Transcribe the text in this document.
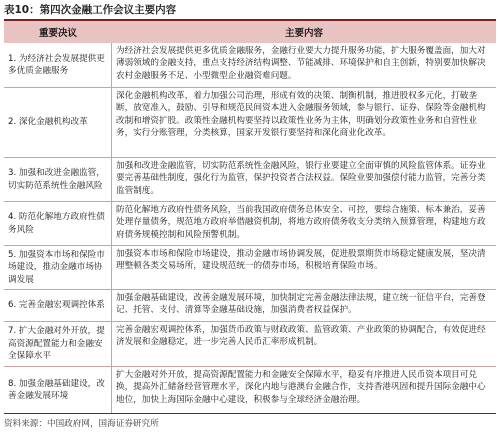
表10：第四次金融工作会议主要内容
重要决议	主要内容
1. 为经济社会发展提供更多优质金融服务
为经济社会发展提供更多优质金融服务，金融行业要大力提升服务功能，扩大服务覆盖面，加大对薄弱领域的金融支持，重点支持经济结构调整、节能减排、环境保护和自主创新，特别要加快解决农村金融服务不足、小型微型企业融资难问题。
2. 深化金融机构改革
深化金融机构改革，着力加强公司治理，形成有效的决策、制衡机制，推进股权多元化，打破垄断，放宽准入，鼓励、引导和规范民间资本进入金融服务领域，参与银行、证券、保险等金融机构改制和增资扩股。政策性金融机构要坚持以政策性业务为主体，明确划分政策性业务和自营性业务，实行分账管理，分类核算，国家开发银行要坚持和深化商业化改革。
3. 加强和改进金融监管，切实防范系统性金融风险
加强和改进金融监管，切实防范系统性金融风险，银行业要建立全面审慎的风险监管体系。证券业要完善基础性制度，强化行为监管，保护投资者合法权益。保险业要加强偿付能力监管，完善分类监管制度。
4. 防范化解地方政府性债务风险
防范化解地方政府性债务风险，当前我国政府债务总体安全、可控，要综合施策、标本兼治，妥善处理存量债务，规范地方政府举借融资机制，将地方政府债务收支分类纳入预算管理，构建地方政府债务规模控制和风险预警机制。
5. 加强资本市场和保险市场建设，推动金融市场协调发展
加强资本市场和保险市场建设，推动金融市场协调发展，促进股票期货市场稳定健康发展，坚决清理整顿各类交易场所，建设规范统一的债券市场，积极培育保险市场。
6. 完善金融宏观调控体系
加强金融基础建设，改善金融发展环境，加快制定完善金融法律法规，建立统一征信平台，完善登记、托管、支付、清算等金融基础设施，加强消费者权益保护。
7. 扩大金融对外开放，提高资源配置能力和金融安全保障水平
完善金融宏观调控体系，加强货币政策与财政政策、监管政策、产业政策的协调配合，有效促进经济发展和金融稳定，进一步完善人民币汇率形成机制。
8. 加强金融基础建设，改善金融发展环境
扩大金融对外开放，提高资源配置能力和金融安全保障水平，稳妥有序推进人民币资本项目可兑换，提高外汇储备经营管理水平，深化内地与港澳台金融合作，支持香港巩固和提升国际金融中心地位，加快上海国际金融中心建设，积极参与全球经济金融治理。
资料来源：中国政府网，国海证券研究所
